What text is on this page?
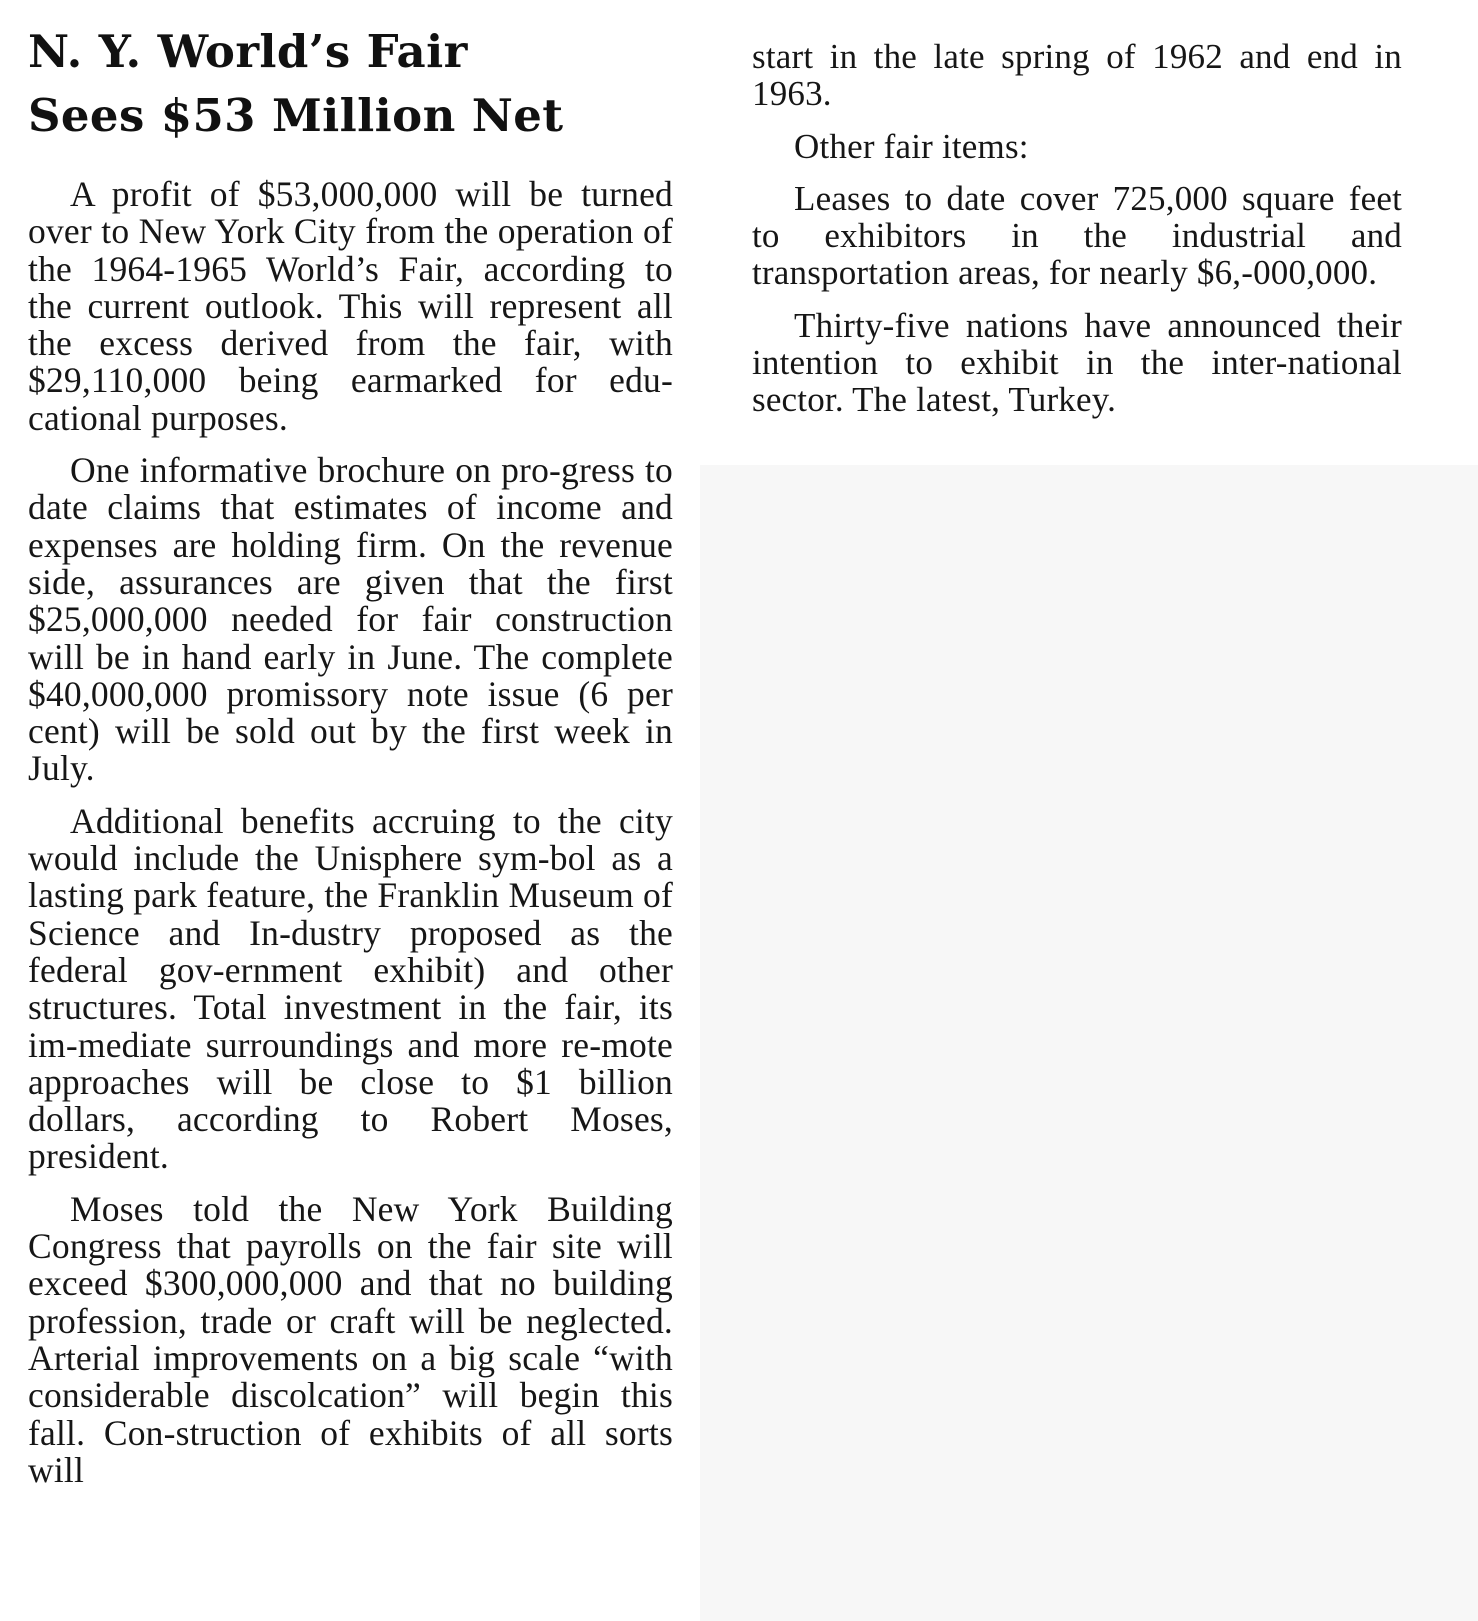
N. Y. World’s Fair
Sees $53 Million Net

A profit of $53,000,000 will be turned over to New York City from the operation of the 1964-1965 World’s Fair, according to the current outlook. This will represent all the excess derived from the fair, with $29,110,000 being earmarked for edu-cational purposes.

One informative brochure on pro-gress to date claims that estimates of income and expenses are holding firm. On the revenue side, assurances are given that the first $25,000,000 needed for fair construction will be in hand early in June. The complete $40,000,000 promissory note issue (6 per cent) will be sold out by the first week in July.

Additional benefits accruing to the city would include the Unisphere sym-bol as a lasting park feature, the Franklin Museum of Science and In-dustry proposed as the federal gov-ernment exhibit) and other structures. Total investment in the fair, its im-mediate surroundings and more re-mote approaches will be close to $1 billion dollars, according to Robert Moses, president.

Moses told the New York Building Congress that payrolls on the fair site will exceed $300,000,000 and that no building profession, trade or craft will be neglected. Arterial improvements on a big scale “with considerable discolcation” will begin this fall. Con-struction of exhibits of all sorts will

start in the late spring of 1962 and end in 1963.

Other fair items:

Leases to date cover 725,000 square feet to exhibitors in the industrial and transportation areas, for nearly $6,-000,000.

Thirty-five nations have announced their intention to exhibit in the inter-national sector. The latest, Turkey.
